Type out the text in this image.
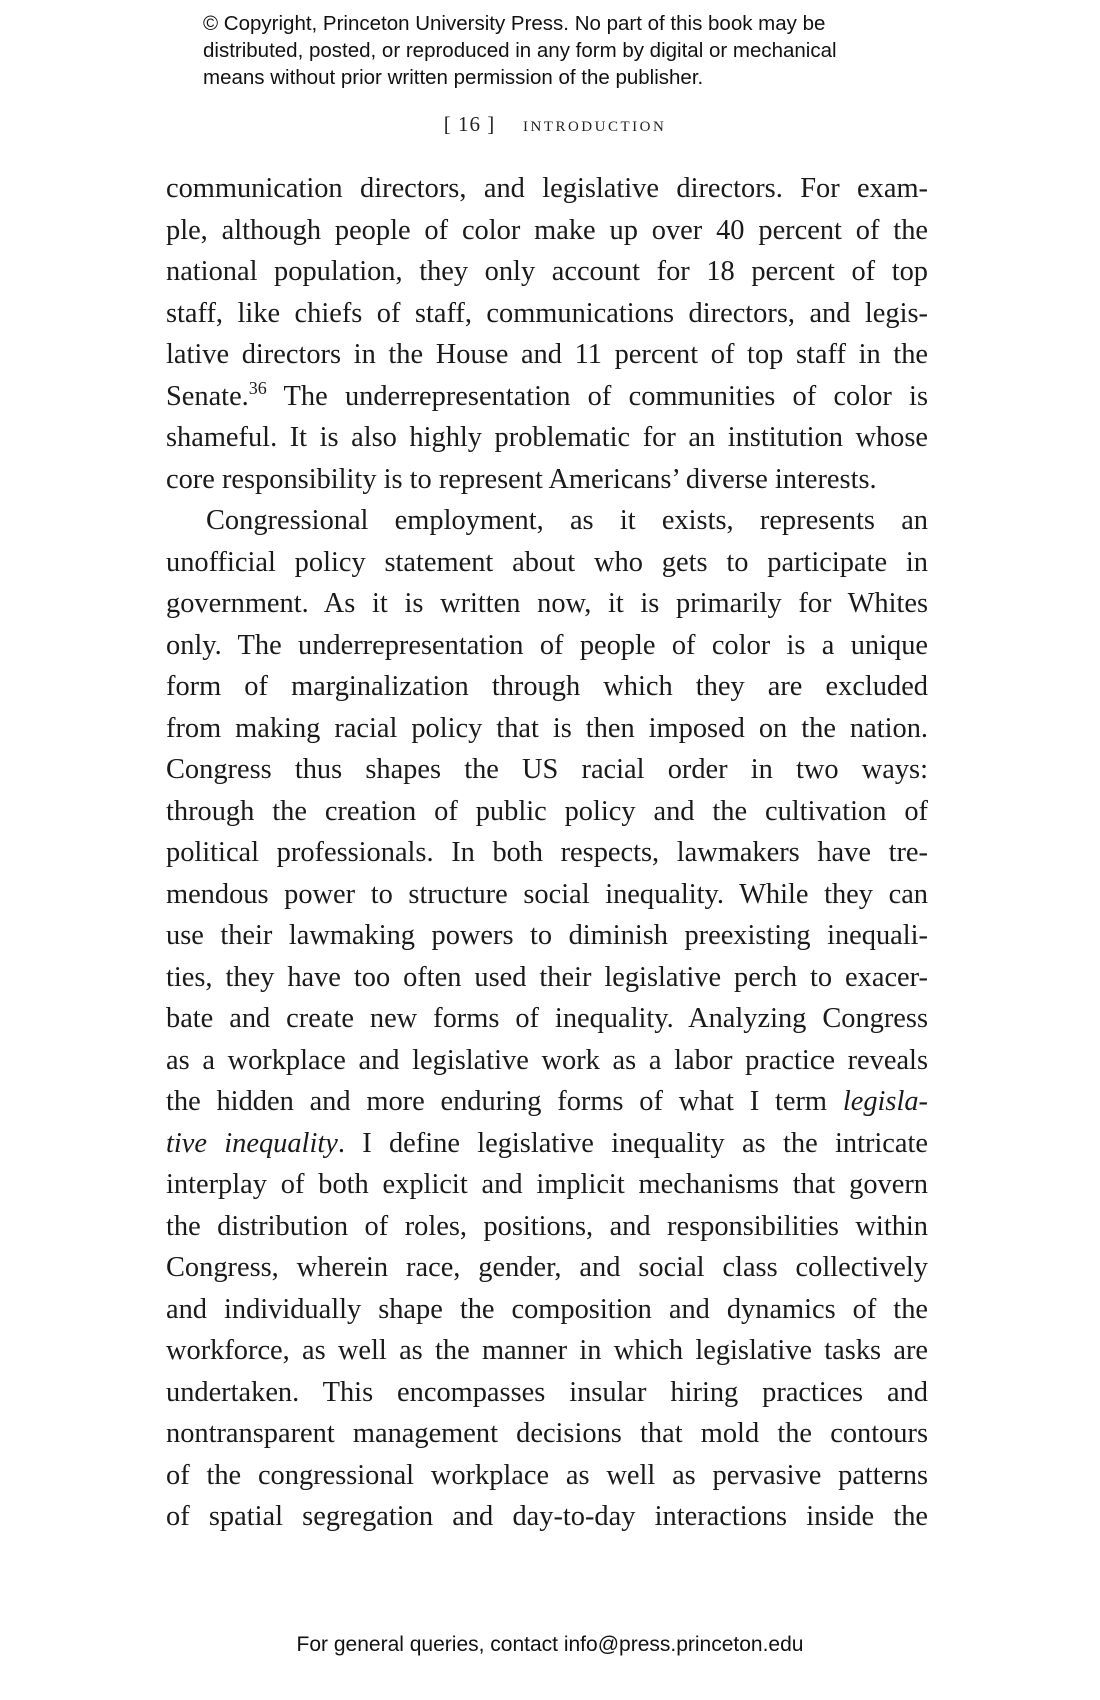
© Copyright, Princeton University Press. No part of this book may be
distributed, posted, or reproduced in any form by digital or mechanical
means without prior written permission of the publisher.
[ 16 ] introduction
communication directors, and legislative directors. For exam-
ple, although people of color make up over 40 percent of the
national population, they only account for 18 percent of top
staff, like chiefs of staff, communications directors, and legis-
lative directors in the House and 11 percent of top staff in the
Senate.$^{36}$ The underrepresentation of communities of color is
shameful. It is also highly problematic for an institution whose
core responsibility is to represent Americans’ diverse interests.
Congressional employment, as it exists, represents an
unofficial policy statement about who gets to participate in
government. As it is written now, it is primarily for Whites
only. The underrepresentation of people of color is a unique
form of marginalization through which they are excluded
from making racial policy that is then imposed on the nation.
Congress thus shapes the US racial order in two ways:
through the creation of public policy and the cultivation of
political professionals. In both respects, lawmakers have tre-
mendous power to structure social inequality. While they can
use their lawmaking powers to diminish preexisting inequali-
ties, they have too often used their legislative perch to exacer-
bate and create new forms of inequality. Analyzing Congress
as a workplace and legislative work as a labor practice reveals
the hidden and more enduring forms of what I term legisla-
tive inequality. I define legislative inequality as the intricate
interplay of both explicit and implicit mechanisms that govern
the distribution of roles, positions, and responsibilities within
Congress, wherein race, gender, and social class collectively
and individually shape the composition and dynamics of the
workforce, as well as the manner in which legislative tasks are
undertaken. This encompasses insular hiring practices and
nontransparent management decisions that mold the contours
of the congressional workplace as well as pervasive patterns
of spatial segregation and day-to-day interactions inside the
For general queries, contact info@press.princeton.edu
